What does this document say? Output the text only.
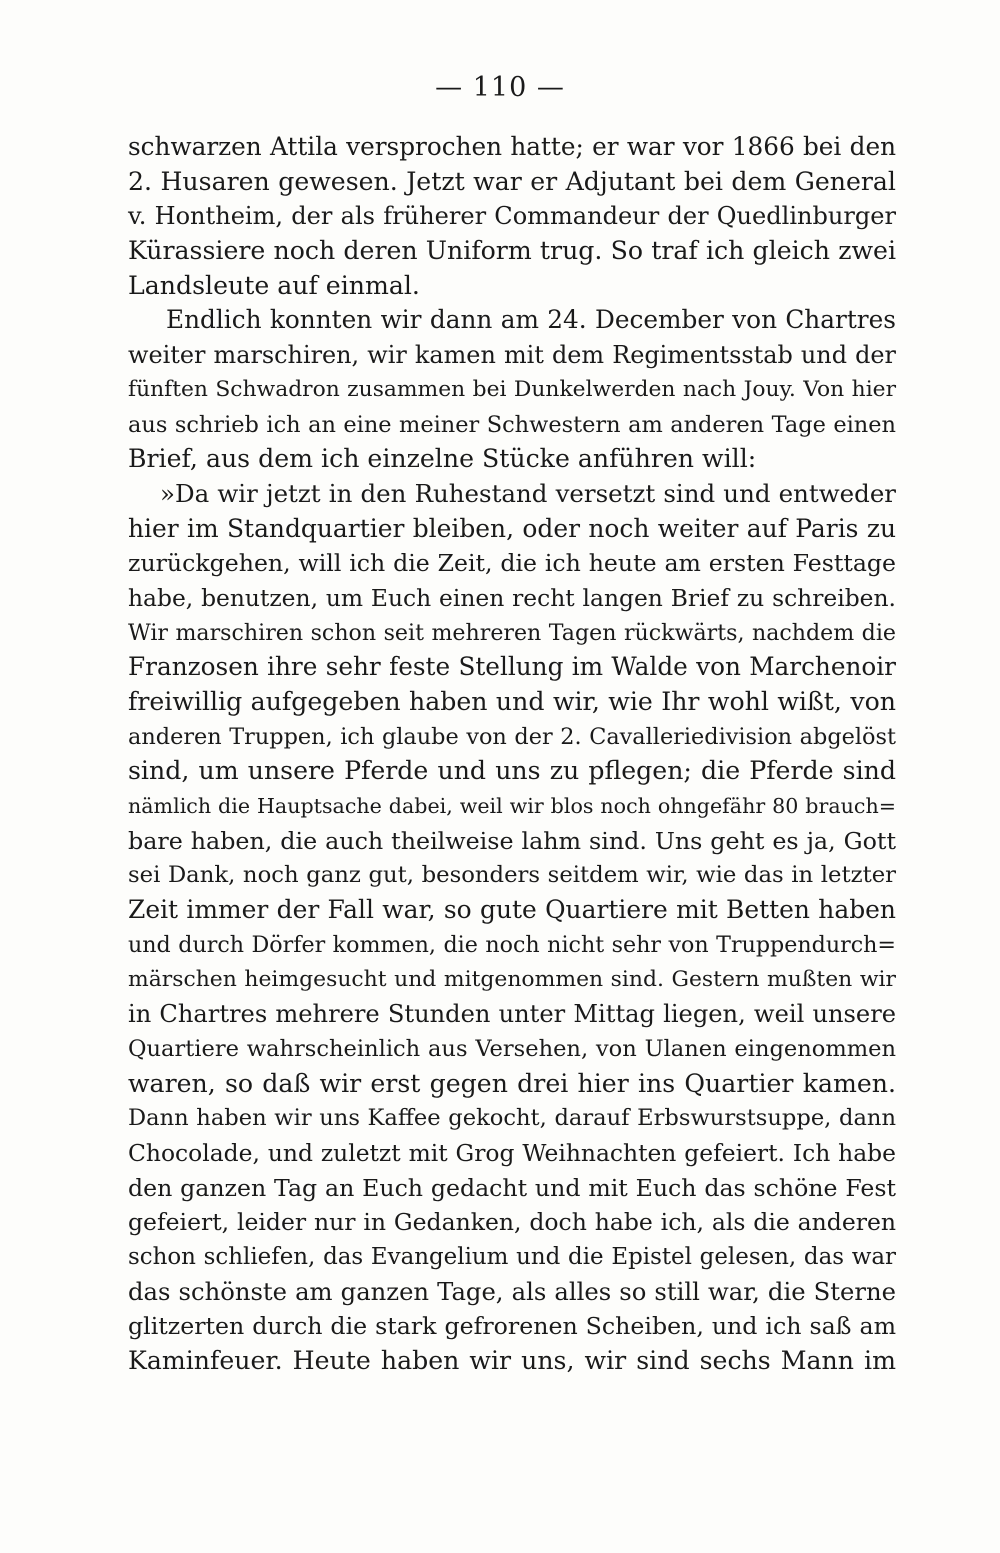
— 110 —
schwarzen Attila versprochen hatte; er war vor 1866 bei den
2. Husaren gewesen. Jetzt war er Adjutant bei dem General
v. Hontheim, der als früherer Commandeur der Quedlinburger
Kürassiere noch deren Uniform trug. So traf ich gleich zwei
Landsleute auf einmal.
Endlich konnten wir dann am 24. December von Chartres
weiter marschiren, wir kamen mit dem Regimentsstab und der
fünften Schwadron zusammen bei Dunkelwerden nach Jouy. Von hier
aus schrieb ich an eine meiner Schwestern am anderen Tage einen
Brief, aus dem ich einzelne Stücke anführen will:
»Da wir jetzt in den Ruhestand versetzt sind und entweder
hier im Standquartier bleiben, oder noch weiter auf Paris zu
zurückgehen, will ich die Zeit, die ich heute am ersten Festtage
habe, benutzen, um Euch einen recht langen Brief zu schreiben.
Wir marschiren schon seit mehreren Tagen rückwärts, nachdem die
Franzosen ihre sehr feste Stellung im Walde von Marchenoir
freiwillig aufgegeben haben und wir, wie Ihr wohl wißt, von
anderen Truppen, ich glaube von der 2. Cavalleriedivision abgelöst
sind, um unsere Pferde und uns zu pflegen; die Pferde sind
nämlich die Hauptsache dabei, weil wir blos noch ohngefähr 80 brauch=
bare haben, die auch theilweise lahm sind. Uns geht es ja, Gott
sei Dank, noch ganz gut, besonders seitdem wir, wie das in letzter
Zeit immer der Fall war, so gute Quartiere mit Betten haben
und durch Dörfer kommen, die noch nicht sehr von Truppendurch=
märschen heimgesucht und mitgenommen sind. Gestern mußten wir
in Chartres mehrere Stunden unter Mittag liegen, weil unsere
Quartiere wahrscheinlich aus Versehen, von Ulanen eingenommen
waren, so daß wir erst gegen drei hier ins Quartier kamen.
Dann haben wir uns Kaffee gekocht, darauf Erbswurstsuppe, dann
Chocolade, und zuletzt mit Grog Weihnachten gefeiert. Ich habe
den ganzen Tag an Euch gedacht und mit Euch das schöne Fest
gefeiert, leider nur in Gedanken, doch habe ich, als die anderen
schon schliefen, das Evangelium und die Epistel gelesen, das war
das schönste am ganzen Tage, als alles so still war, die Sterne
glitzerten durch die stark gefrorenen Scheiben, und ich saß am
Kaminfeuer. Heute haben wir uns, wir sind sechs Mann im
